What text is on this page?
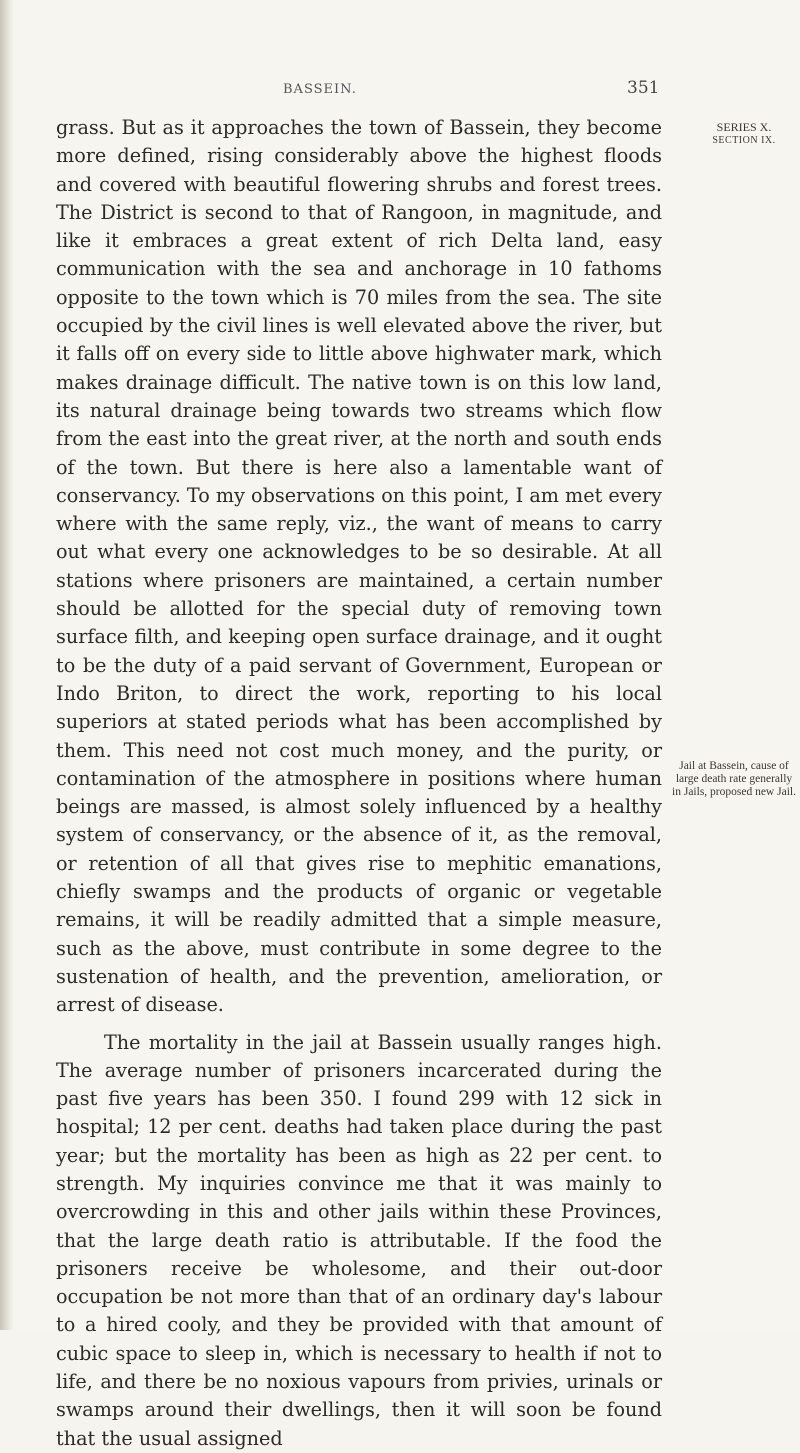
BASSEIN.	351
SERIES X.
SECTION IX.
Jail at Bassein, cause of large death rate generally in Jails, proposed new Jail.

grass. But as it approaches the town of Bassein, they become more defined, rising considerably above the highest floods and covered with beautiful flowering shrubs and forest trees. The District is second to that of Rangoon, in magnitude, and like it embraces a great extent of rich Delta land, easy communication with the sea and anchorage in 10 fathoms opposite to the town which is 70 miles from the sea. The site occupied by the civil lines is well elevated above the river, but it falls off on every side to little above highwater mark, which makes drainage difficult. The native town is on this low land, its natural drainage being towards two streams which flow from the east into the great river, at the north and south ends of the town. But there is here also a lamentable want of conservancy. To my observations on this point, I am met every where with the same reply, viz., the want of means to carry out what every one acknowledges to be so desirable. At all stations where prisoners are maintained, a certain number should be allotted for the special duty of removing town surface filth, and keeping open surface drainage, and it ought to be the duty of a paid servant of Government, European or Indo Briton, to direct the work, reporting to his local superiors at stated periods what has been accomplished by them. This need not cost much money, and the purity, or contamination of the atmosphere in positions where human beings are massed, is almost solely influenced by a healthy system of conservancy, or the absence of it, as the removal, or retention of all that gives rise to mephitic emanations, chiefly swamps and the products of organic or vegetable remains, it will be readily admitted that a simple measure, such as the above, must contribute in some degree to the sustenation of health, and the prevention, amelioration, or arrest of disease.

The mortality in the jail at Bassein usually ranges high. The average number of prisoners incarcerated during the past five years has been 350. I found 299 with 12 sick in hospital; 12 per cent. deaths had taken place during the past year; but the mortality has been as high as 22 per cent. to strength. My inquiries convince me that it was mainly to overcrowding in this and other jails within these Provinces, that the large death ratio is attributable. If the food the prisoners receive be wholesome, and their out-door occupation be not more than that of an ordinary day's labour to a hired cooly, and they be provided with that amount of cubic space to sleep in, which is necessary to health if not to life, and there be no noxious vapours from privies, urinals or swamps around their dwellings, then it will soon be found that the usual assigned
